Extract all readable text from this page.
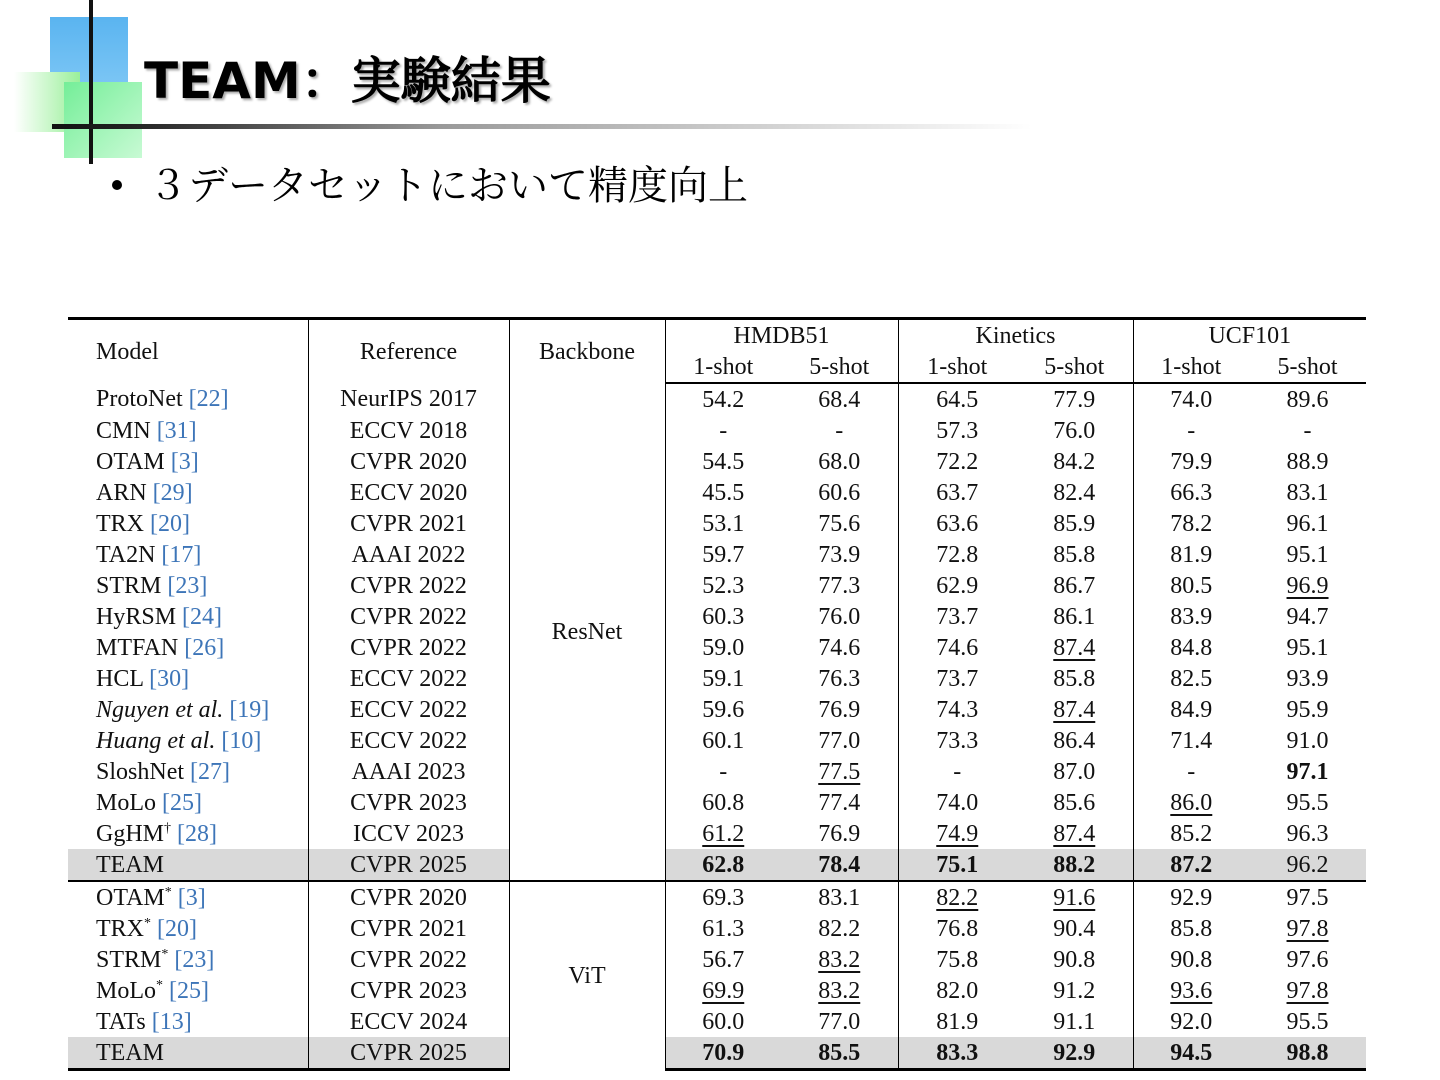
TEAM：実験結果
３データセットにおいて精度向上
Model	Reference	Backbone	HMDB51		Kinetics		UCF101	
			1-shot	5-shot	1-shot	5-shot	1-shot	5-shot
ProtoNet [22]	NeurIPS 2017	ResNet	54.2	68.4	64.5	77.9	74.0	89.6
CMN [31]	ECCV 2018		-	-	57.3	76.0	-	-
OTAM [3]	CVPR 2020		54.5	68.0	72.2	84.2	79.9	88.9
ARN [29]	ECCV 2020		45.5	60.6	63.7	82.4	66.3	83.1
TRX [20]	CVPR 2021		53.1	75.6	63.6	85.9	78.2	96.1
TA2N [17]	AAAI 2022		59.7	73.9	72.8	85.8	81.9	95.1
STRM [23]	CVPR 2022		52.3	77.3	62.9	86.7	80.5	96.9
HyRSM [24]	CVPR 2022		60.3	76.0	73.7	86.1	83.9	94.7
MTFAN [26]	CVPR 2022		59.0	74.6	74.6	87.4	84.8	95.1
HCL [30]	ECCV 2022		59.1	76.3	73.7	85.8	82.5	93.9
Nguyen et al. [19]	ECCV 2022		59.6	76.9	74.3	87.4	84.9	95.9
Huang et al. [10]	ECCV 2022		60.1	77.0	73.3	86.4	71.4	91.0
SloshNet [27]	AAAI 2023		-	77.5	-	87.0	-	97.1
MoLo [25]	CVPR 2023		60.8	77.4	74.0	85.6	86.0	95.5
GgHM† [28]	ICCV 2023		61.2	76.9	74.9	87.4	85.2	96.3
TEAM	CVPR 2025		62.8	78.4	75.1	88.2	87.2	96.2
OTAM* [3]	CVPR 2020	ViT	69.3	83.1	82.2	91.6	92.9	97.5
TRX* [20]	CVPR 2021		61.3	82.2	76.8	90.4	85.8	97.8
STRM* [23]	CVPR 2022		56.7	83.2	75.8	90.8	90.8	97.6
MoLo* [25]	CVPR 2023		69.9	83.2	82.0	91.2	93.6	97.8
TATs [13]	ECCV 2024		60.0	77.0	81.9	91.1	92.0	95.5
TEAM	CVPR 2025		70.9	85.5	83.3	92.9	94.5	98.8
